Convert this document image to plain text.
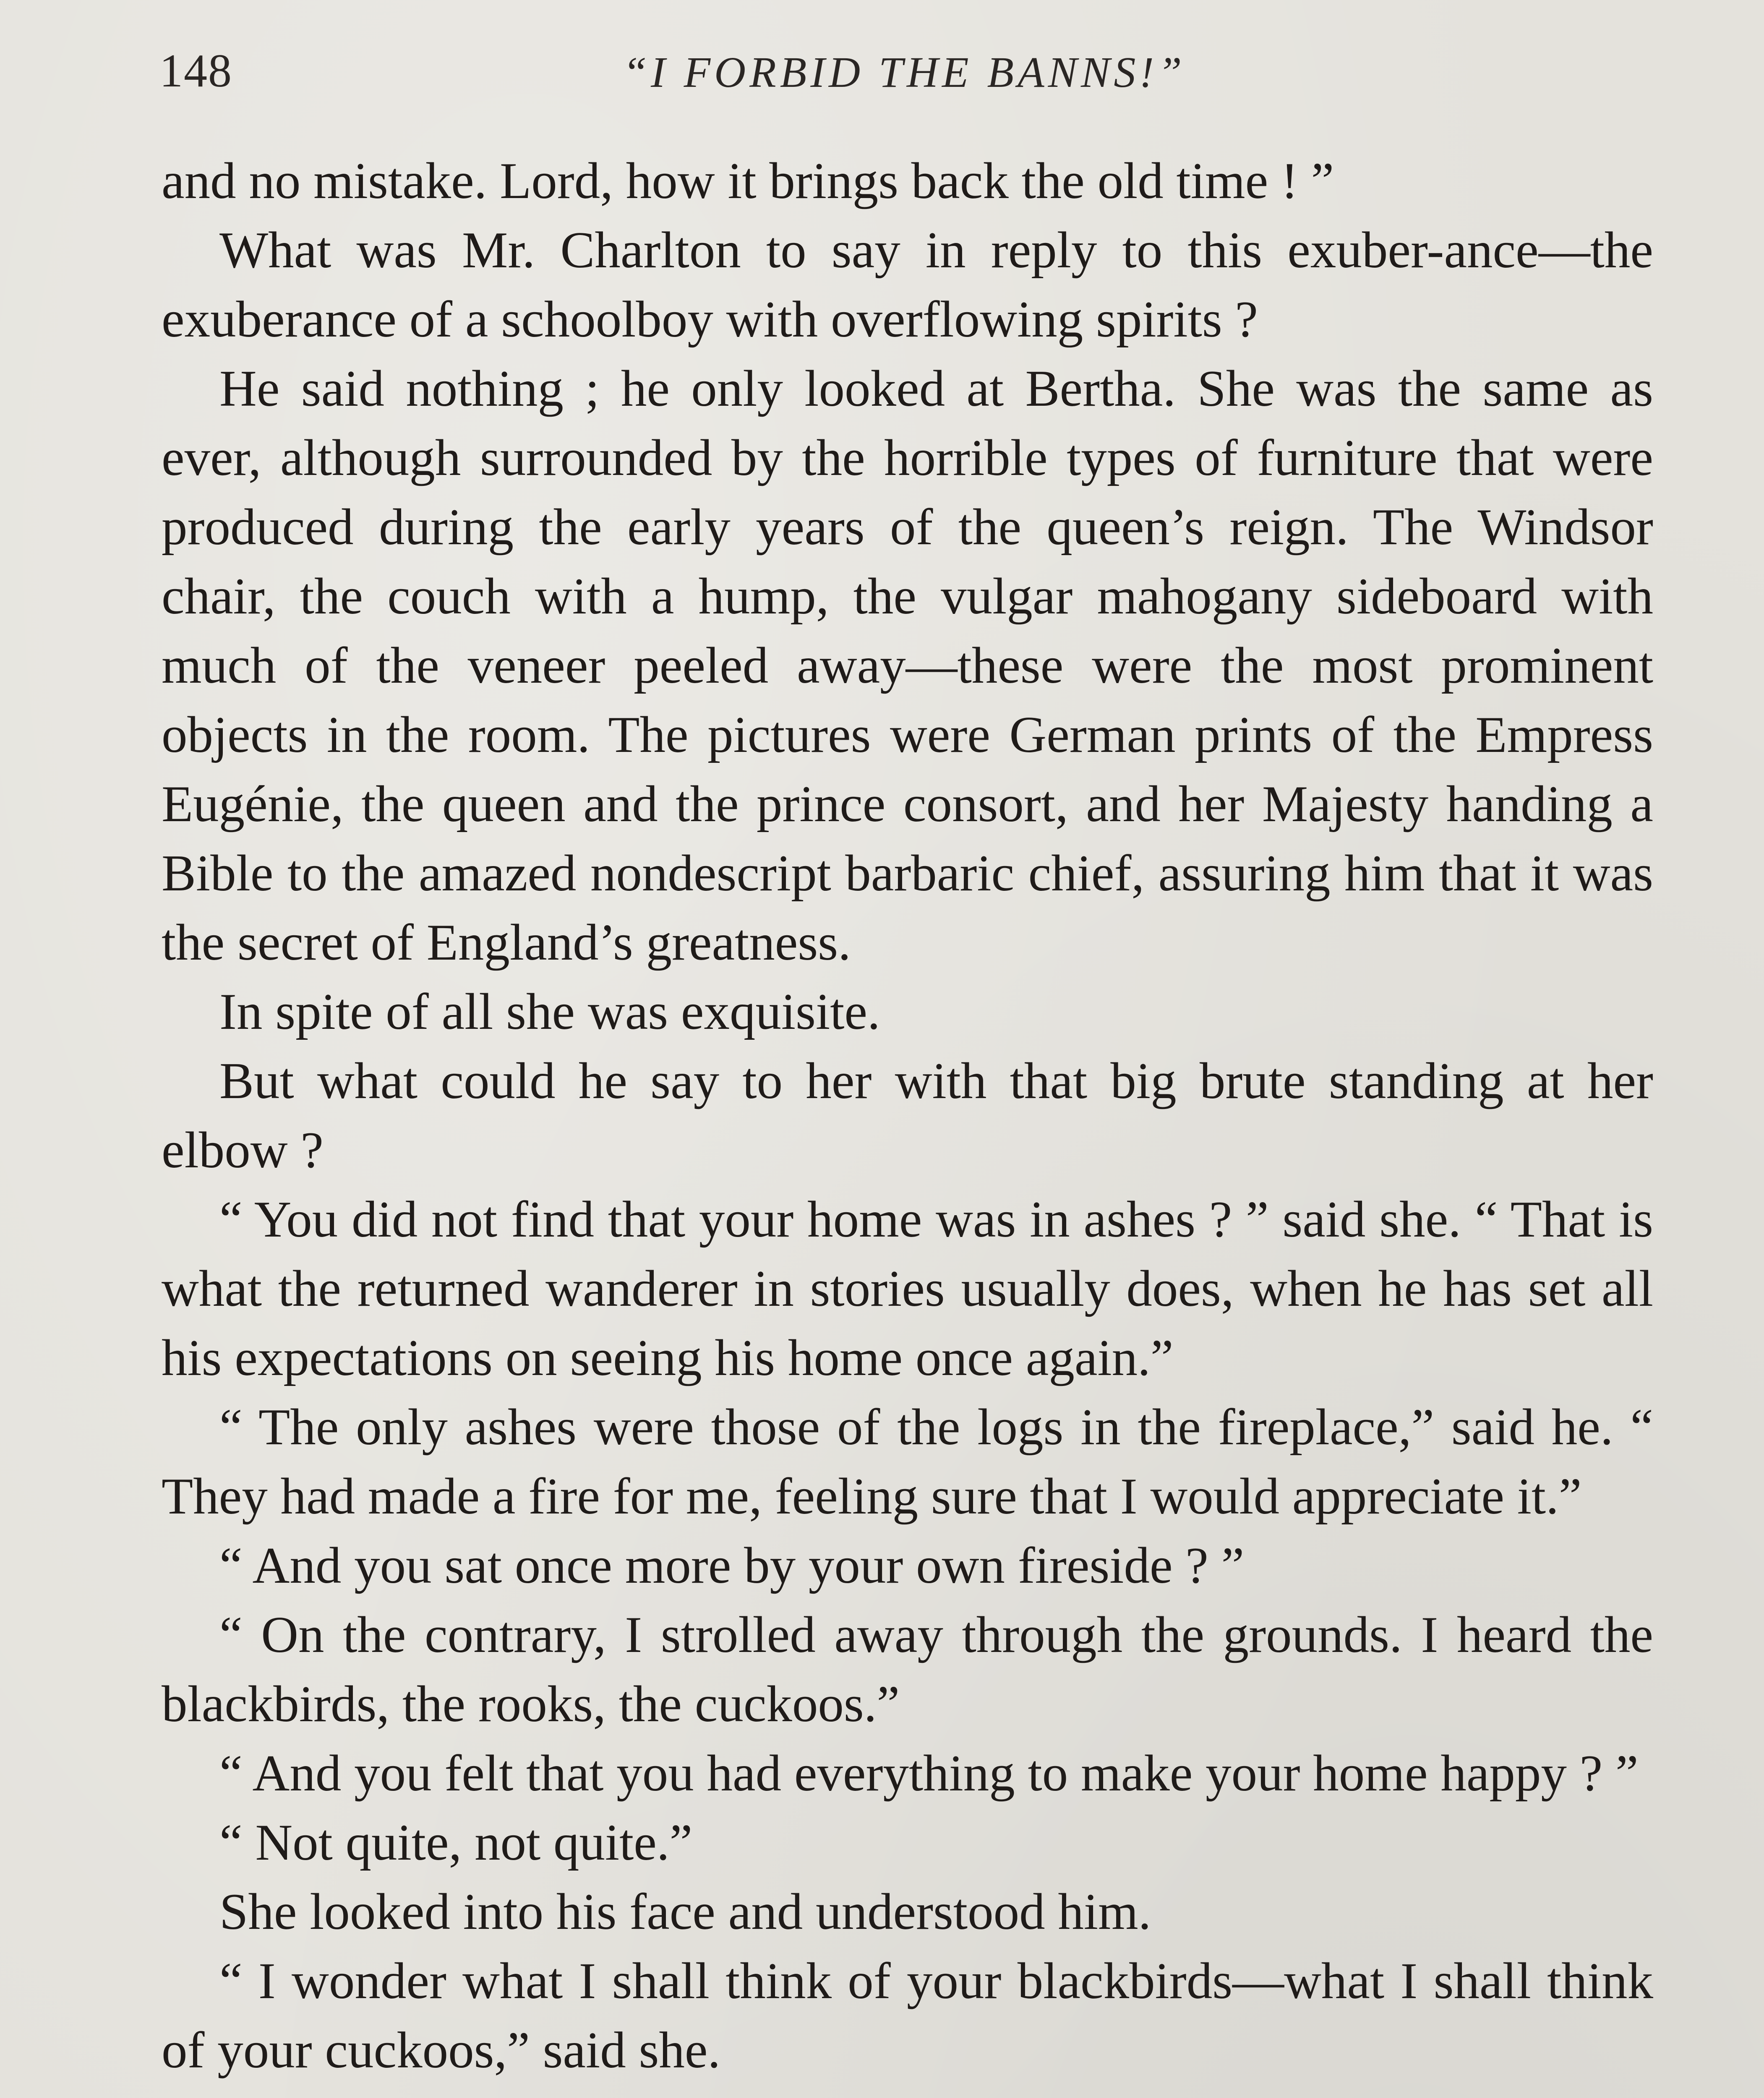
148	“I FORBID THE BANNS!”

and no mistake. Lord, how it brings back the old time ! ”

What was Mr. Charlton to say in reply to this exuber-ance—the exuberance of a schoolboy with overflowing spirits ?

He said nothing ; he only looked at Bertha. She was the same as ever, although surrounded by the horrible types of furniture that were produced during the early years of the queen’s reign. The Windsor chair, the couch with a hump, the vulgar mahogany sideboard with much of the veneer peeled away—these were the most prominent objects in the room. The pictures were German prints of the Empress Eugénie, the queen and the prince consort, and her Majesty handing a Bible to the amazed nondescript barbaric chief, assuring him that it was the secret of England’s greatness.

In spite of all she was exquisite.

But what could he say to her with that big brute standing at her elbow ?

“ You did not find that your home was in ashes ? ” said she. “ That is what the returned wanderer in stories usually does, when he has set all his expectations on seeing his home once again.”

“ The only ashes were those of the logs in the fireplace,” said he. “ They had made a fire for me, feeling sure that I would appreciate it.”

“ And you sat once more by your own fireside ? ”

“ On the contrary, I strolled away through the grounds. I heard the blackbirds, the rooks, the cuckoos.”

“ And you felt that you had everything to make your home happy ? ”

“ Not quite, not quite.”

She looked into his face and understood him.

“ I wonder what I shall think of your blackbirds—what I shall think of your cuckoos,” said she.
